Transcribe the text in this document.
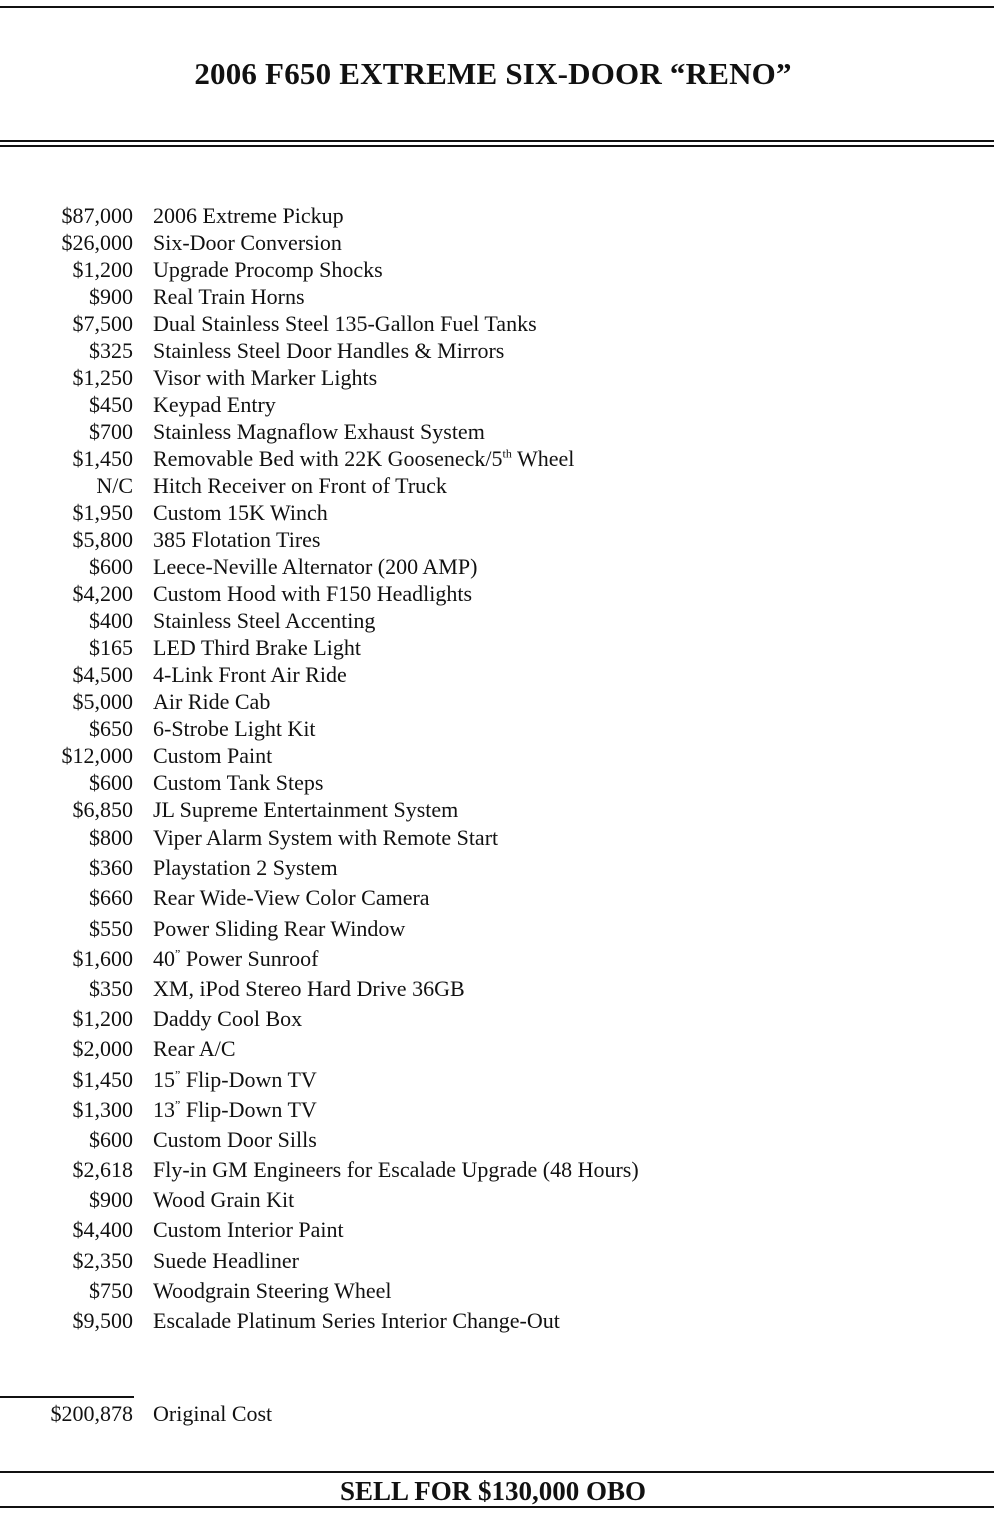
2006 F650 EXTREME SIX-DOOR “RENO”
$87,000 2006 Extreme Pickup
$26,000 Six-Door Conversion
$1,200 Upgrade Procomp Shocks
$900 Real Train Horns
$7,500 Dual Stainless Steel 135-Gallon Fuel Tanks
$325 Stainless Steel Door Handles & Mirrors
$1,250 Visor with Marker Lights
$450 Keypad Entry
$700 Stainless Magnaflow Exhaust System
$1,450 Removable Bed with 22K Gooseneck/5th Wheel
N/C Hitch Receiver on Front of Truck
$1,950 Custom 15K Winch
$5,800 385 Flotation Tires
$600 Leece-Neville Alternator (200 AMP)
$4,200 Custom Hood with F150 Headlights
$400 Stainless Steel Accenting
$165 LED Third Brake Light
$4,500 4-Link Front Air Ride
$5,000 Air Ride Cab
$650 6-Strobe Light Kit
$12,000 Custom Paint
$600 Custom Tank Steps
$6,850 JL Supreme Entertainment System
$800 Viper Alarm System with Remote Start
$360 Playstation 2 System
$660 Rear Wide-View Color Camera
$550 Power Sliding Rear Window
$1,600 40” Power Sunroof
$350 XM, iPod Stereo Hard Drive 36GB
$1,200 Daddy Cool Box
$2,000 Rear A/C
$1,450 15” Flip-Down TV
$1,300 13” Flip-Down TV
$600 Custom Door Sills
$2,618 Fly-in GM Engineers for Escalade Upgrade (48 Hours)
$900 Wood Grain Kit
$4,400 Custom Interior Paint
$2,350 Suede Headliner
$750 Woodgrain Steering Wheel
$9,500 Escalade Platinum Series Interior Change-Out
$200,878 Original Cost

SELL FOR $130,000 OBO
